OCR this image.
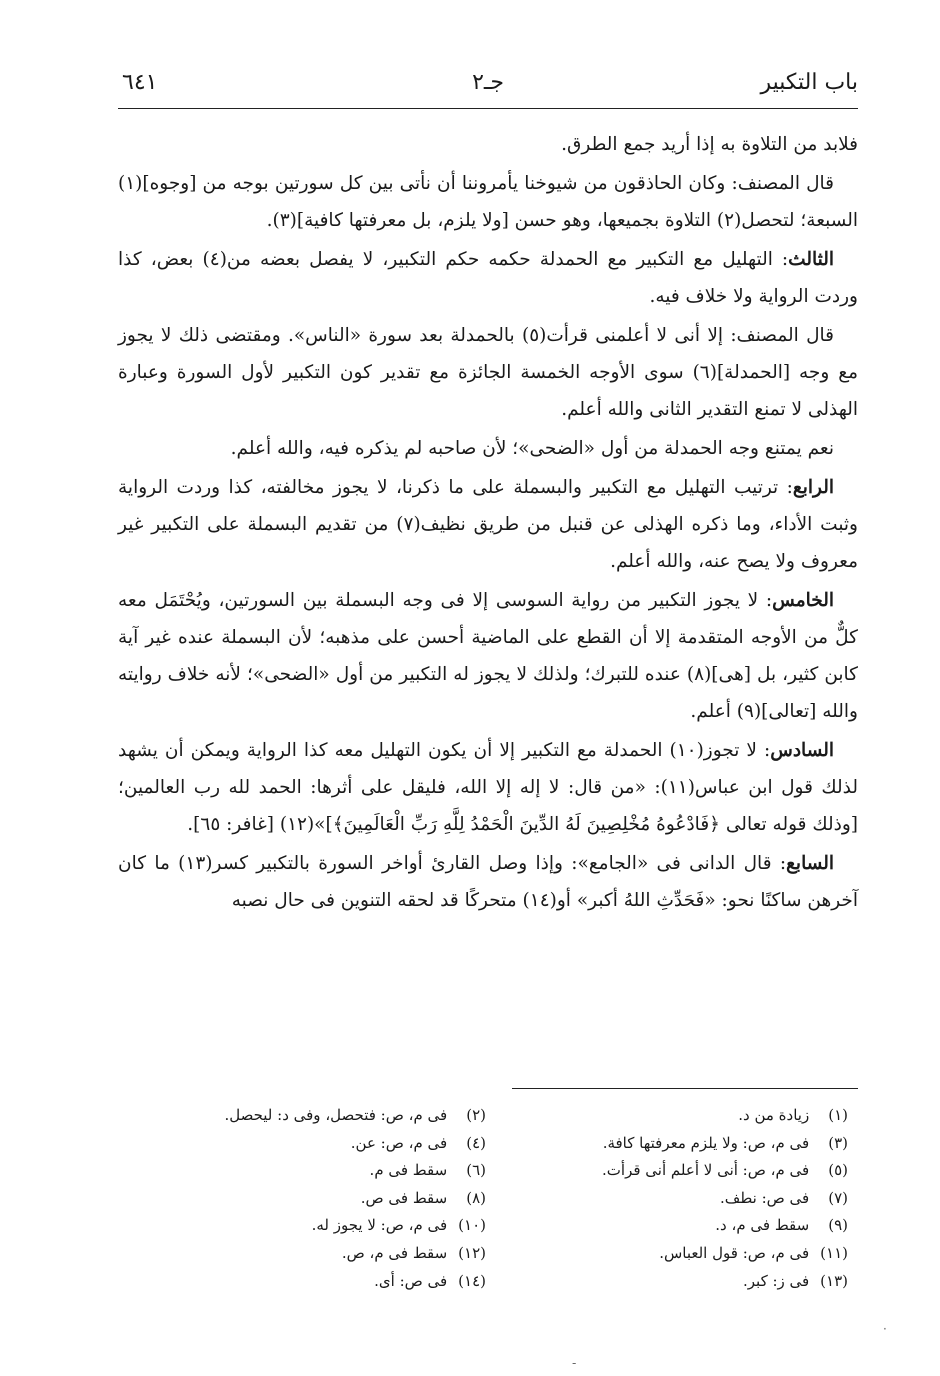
باب التكبير
جـ٢
٦٤١

فلابد من التلاوة به إذا أريد جمع الطرق.

قال المصنف: وكان الحاذقون من شيوخنا يأمروننا أن نأتى بين كل سورتين بوجه من [وجوه](١) السبعة؛ لتحصل(٢) التلاوة بجميعها، وهو حسن [ولا يلزم، بل معرفتها كافية](٣).

الثالث: التهليل مع التكبير مع الحمدلة حكمه حكم التكبير، لا يفصل بعضه من(٤) بعض، كذا وردت الرواية ولا خلاف فيه.

قال المصنف: إلا أنى لا أعلمنى قرأت(٥) بالحمدلة بعد سورة «الناس». ومقتضى ذلك لا يجوز مع وجه [الحمدلة](٦) سوى الأوجه الخمسة الجائزة مع تقدير كون التكبير لأول السورة وعبارة الهذلى لا تمنع التقدير الثانى والله أعلم.

نعم يمتنع وجه الحمدلة من أول «الضحى»؛ لأن صاحبه لم يذكره فيه، والله أعلم.

الرابع: ترتيب التهليل مع التكبير والبسملة على ما ذكرنا، لا يجوز مخالفته، كذا وردت الرواية وثبت الأداء، وما ذكره الهذلى عن قنبل من طريق نظيف(٧) من تقديم البسملة على التكبير غير معروف ولا يصح عنه، والله أعلم.

الخامس: لا يجوز التكبير من رواية السوسى إلا فى وجه البسملة بين السورتين، ويُحْتَمَل معه كلٌّ من الأوجه المتقدمة إلا أن القطع على الماضية أحسن على مذهبه؛ لأن البسملة عنده غير آية كابن كثير، بل [هى](٨) عنده للتبرك؛ ولذلك لا يجوز له التكبير من أول «الضحى»؛ لأنه خلاف روايته والله [تعالى](٩) أعلم.

السادس: لا تجوز(١٠) الحمدلة مع التكبير إلا أن يكون التهليل معه كذا الرواية ويمكن أن يشهد لذلك قول ابن عباس(١١): «من قال: لا إله إلا الله، فليقل على أثرها: الحمد لله رب العالمين؛ [وذلك قوله تعالى ﴿فَادْعُوهُ مُخْلِصِينَ لَهُ الدِّينَ الْحَمْدُ لِلَّهِ رَبِّ الْعَالَمِينَ﴾]»(١٢) [غافر: ٦٥].

السابع: قال الدانى فى «الجامع»: وإذا وصل القارئ أواخر السورة بالتكبير كسر(١٣) ما كان آخرهن ساكنًا نحو: «فَحَدِّثِ اللهُ أكبر» أو(١٤) متحركًا قد لحقه التنوين فى حال نصبه

(١) زيادة من د.
(٣) فى م، ص: ولا يلزم معرفتها كافة.
(٥) فى م، ص: أنى لا أعلم أنى قرأت.
(٧) فى ص: نطف.
(٩) سقط فى م، د.
(١١) فى م، ص: قول العباس.
(١٣) فى ز: كبر.
(٢) فى م، ص: فتحصل، وفى د: ليحصل.
(٤) فى م، ص: عن.
(٦) سقط فى م.
(٨) سقط فى ص.
(١٠) فى م، ص: لا يجوز له.
(١٢) سقط فى م، ص.
(١٤) فى ص: أى.
·
-
